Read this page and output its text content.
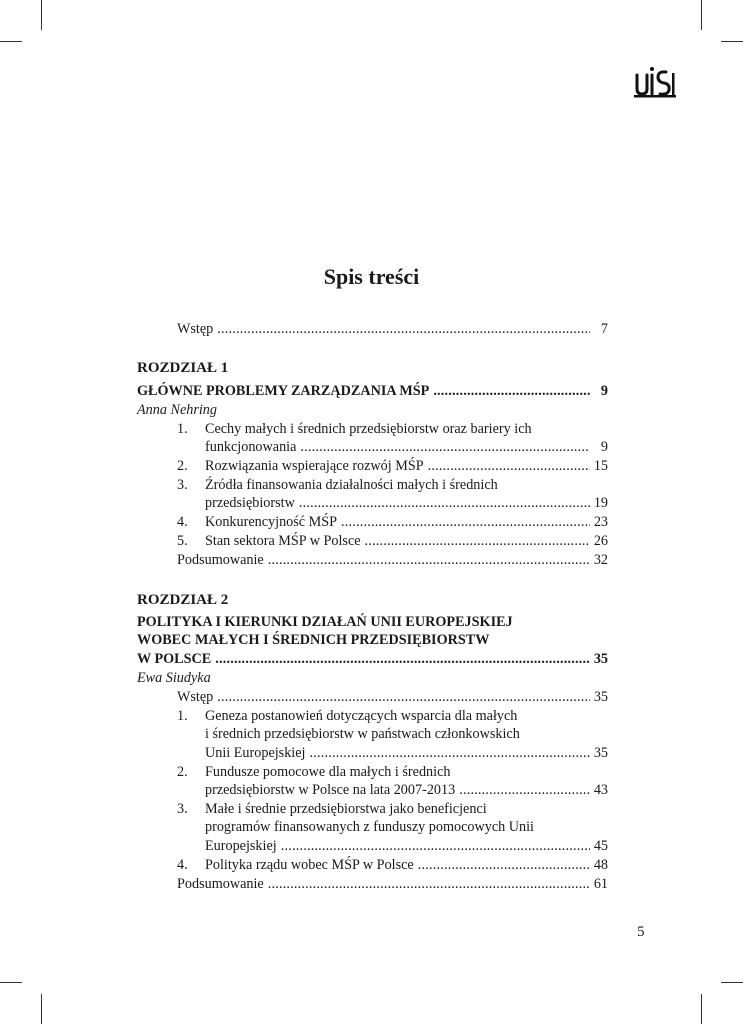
Spis treści
Wstęp .....	7
ROZDZIAŁ 1
GŁÓWNE PROBLEMY ZARZĄDZANIA MŚP .....	9
Anna Nehring
1. Cechy małych i średnich przedsiębiorstw oraz bariery ich
funkcjonowania .....	9
2.	Rozwiązania wspierające rozwój MŚP .....	15
3. Źródła finansowania działalności małych i średnich
przedsiębiorstw .....	19
4.	Konkurencyjność MŚP .....	23
5.	Stan sektora MŚP w Polsce .....	26
Podsumowanie .....	32
ROZDZIAŁ 2
POLITYKA I KIERUNKI DZIAŁAŃ UNII EUROPEJSKIEJ
WOBEC MAŁYCH I ŚREDNICH PRZEDSIĘBIORSTW
W POLSCE .....	35
Ewa Siudyka
Wstęp .....	35
1. Geneza postanowień dotyczących wsparcia dla małych
i średnich przedsiębiorstw w państwach członkowskich
Unii Europejskiej .....	35
2. Fundusze pomocowe dla małych i średnich
przedsiębiorstw w Polsce na lata 2007-2013 .....	43
3. Małe i średnie przedsiębiorstwa jako beneficjenci
programów finansowanych z funduszy pomocowych Unii
Europejskiej .....	45
4.	Polityka rządu wobec MŚP w Polsce .....	48
Podsumowanie .....	61
5
